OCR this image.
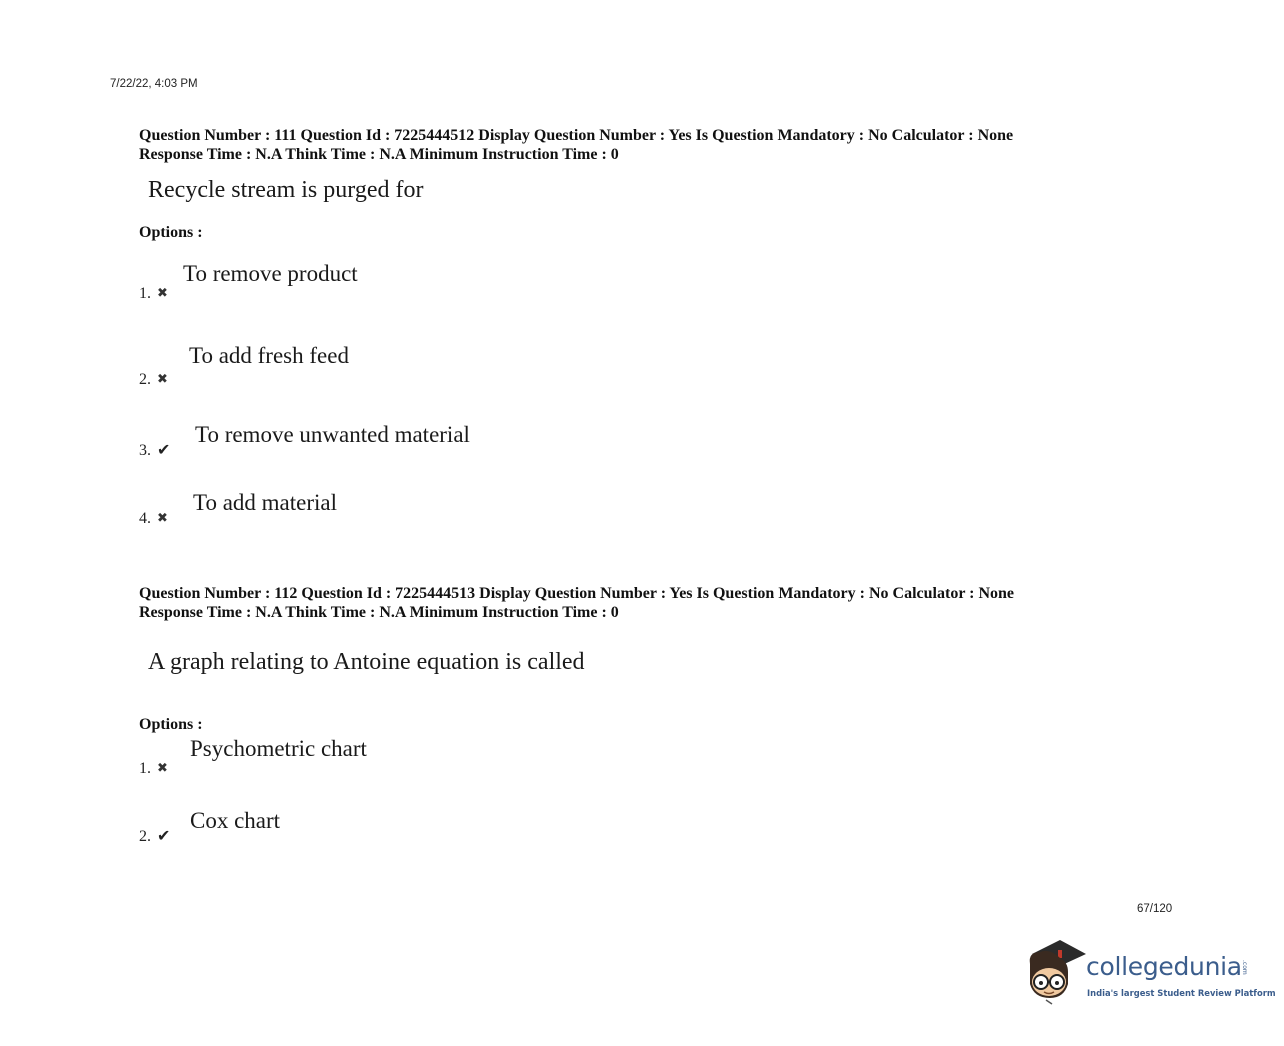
7/22/22, 4:03 PM
Question Number : 111 Question Id : 7225444512 Display Question Number : Yes Is Question Mandatory : No Calculator : None
Response Time : N.A Think Time : N.A Minimum Instruction Time : 0
Recycle stream is purged for
Options :
1. ✖
To remove product
2. ✖
To add fresh feed
3. ✔
To remove unwanted material
4. ✖
To add material
Question Number : 112 Question Id : 7225444513 Display Question Number : Yes Is Question Mandatory : No Calculator : None
Response Time : N.A Think Time : N.A Minimum Instruction Time : 0
A graph relating to Antoine equation is called
Options :
1. ✖
Psychometric chart
2. ✔
Cox chart
67/120
collegedunia .com
India's largest Student Review Platform
